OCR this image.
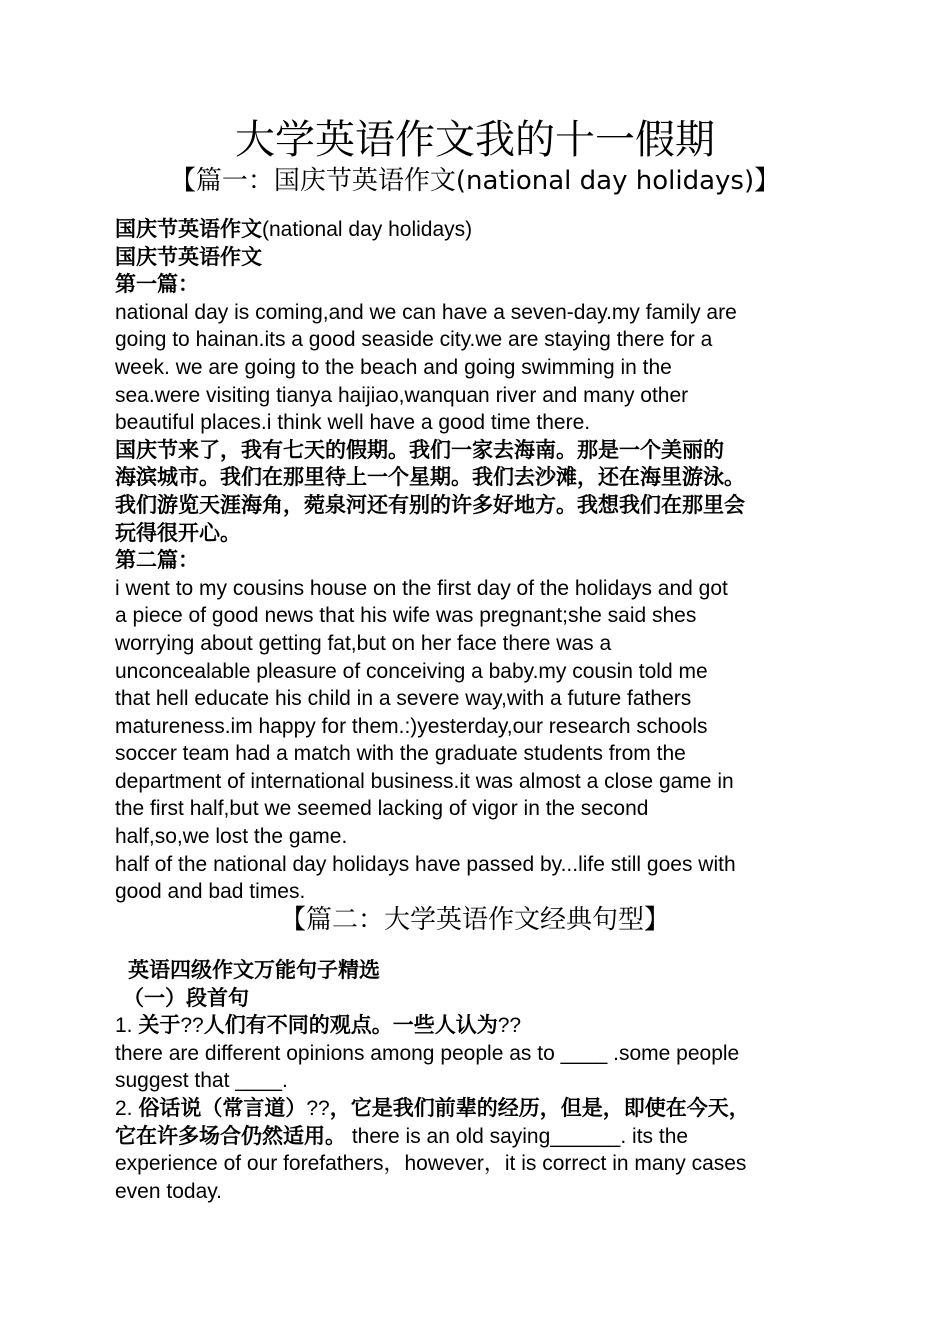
大学英语作文我的十一假期
【篇一：国庆节英语作文(national day holidays)】
国庆节英语作文(national day holidays)
国庆节英语作文
第一篇：
national day is coming,and we can have a seven-day.my family are
going to hainan.its a good seaside city.we are staying there for a
week. we are going to the beach and going swimming in the
sea.were visiting tianya haijiao,wanquan river and many other
beautiful places.i think well have a good time there.
国庆节来了，我有七天的假期。我们一家去海南。那是一个美丽的
海滨城市。我们在那里待上一个星期。我们去沙滩，还在海里游泳。
我们游览天涯海角，菀泉河还有别的许多好地方。我想我们在那里会
玩得很开心。
第二篇：
i went to my cousins house on the first day of the holidays and got
a piece of good news that his wife was pregnant;she said shes
worrying about getting fat,but on her face there was a
unconcealable pleasure of conceiving a baby.my cousin told me
that hell educate his child in a severe way,with a future fathers
matureness.im happy for them.:)yesterday,our research schools
soccer team had a match with the graduate students from the
department of international business.it was almost a close game in
the first half,but we seemed lacking of vigor in the second
half,so,we lost the game.
half of the national day holidays have passed by...life still goes with
good and bad times.
【篇二：大学英语作文经典句型】
英语四级作文万能句子精选
（一）段首句
1. 关于??人们有不同的观点。一些人认为??
there are different opinions among people as to ____ .some people
suggest that ____.
2. 俗话说（常言道）??，它是我们前辈的经历，但是，即使在今天，
它在许多场合仍然适用。 there is an old saying______. its the
experience of our forefathers，however，it is correct in many cases
even today.
